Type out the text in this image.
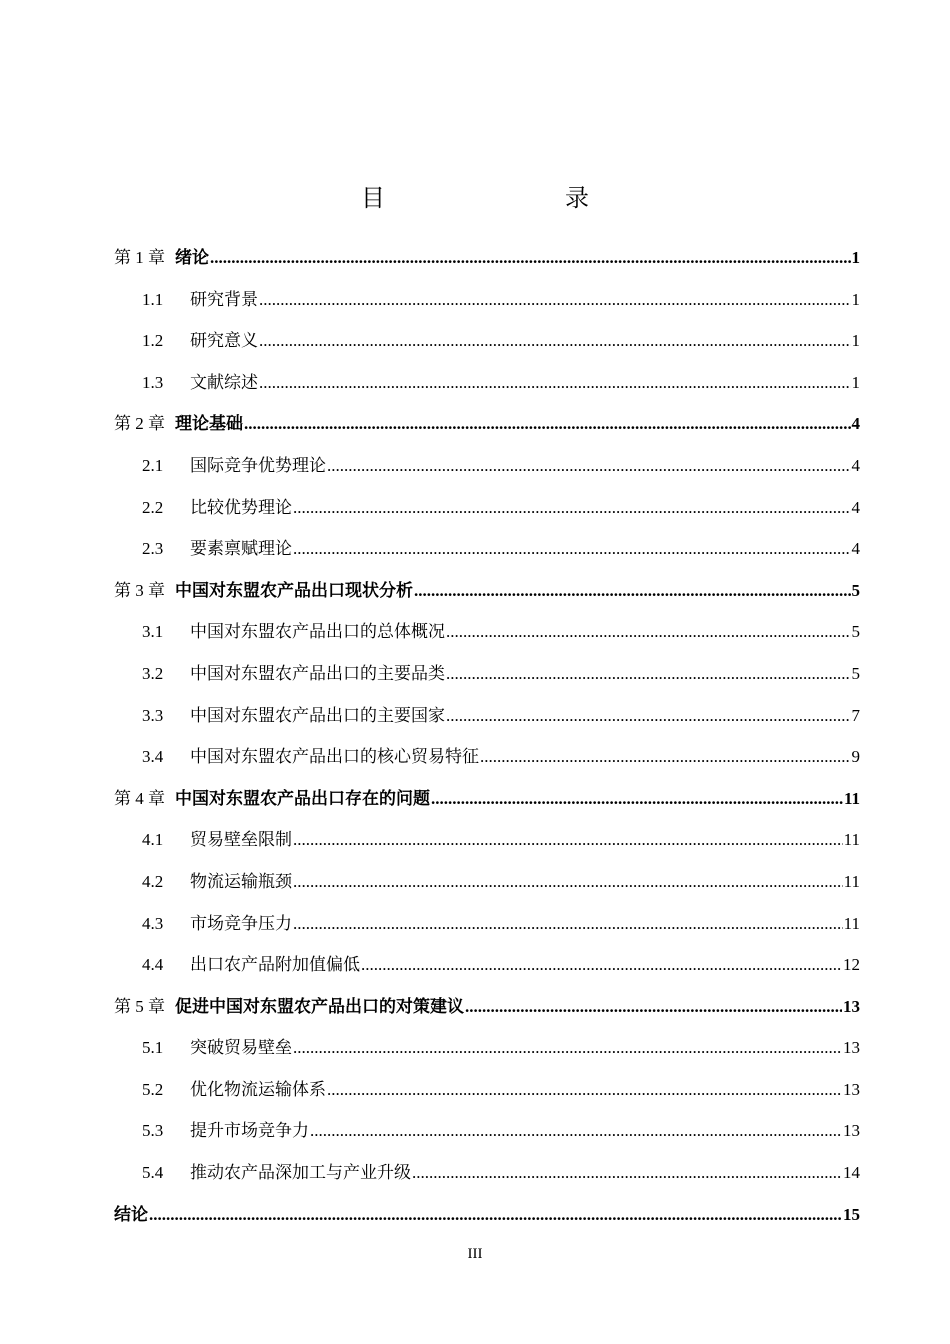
目　　录
第 1 章 绪论 .....	1
1.1	研究背景 .....	1
1.2	研究意义 .....	1
1.3	文献综述 .....	1
第 2 章 理论基础 .....	4
2.1	国际竞争优势理论 .....	4
2.2	比较优势理论 .....	4
2.3	要素禀赋理论 .....	4
第 3 章 中国对东盟农产品出口现状分析 .....	5
3.1	中国对东盟农产品出口的总体概况 .....	5
3.2	中国对东盟农产品出口的主要品类 .....	5
3.3	中国对东盟农产品出口的主要国家 .....	7
3.4	中国对东盟农产品出口的核心贸易特征 .....	9
第 4 章 中国对东盟农产品出口存在的问题 .....	11
4.1	贸易壁垒限制 .....	11
4.2	物流运输瓶颈 .....	11
4.3	市场竞争压力 .....	11
4.4	出口农产品附加值偏低 .....	12
第 5 章 促进中国对东盟农产品出口的对策建议 .....	13
5.1	突破贸易壁垒 .....	13
5.2	优化物流运输体系 .....	13
5.3	提升市场竞争力 .....	13
5.4	推动农产品深加工与产业升级 .....	14
结论 .....	15
III
